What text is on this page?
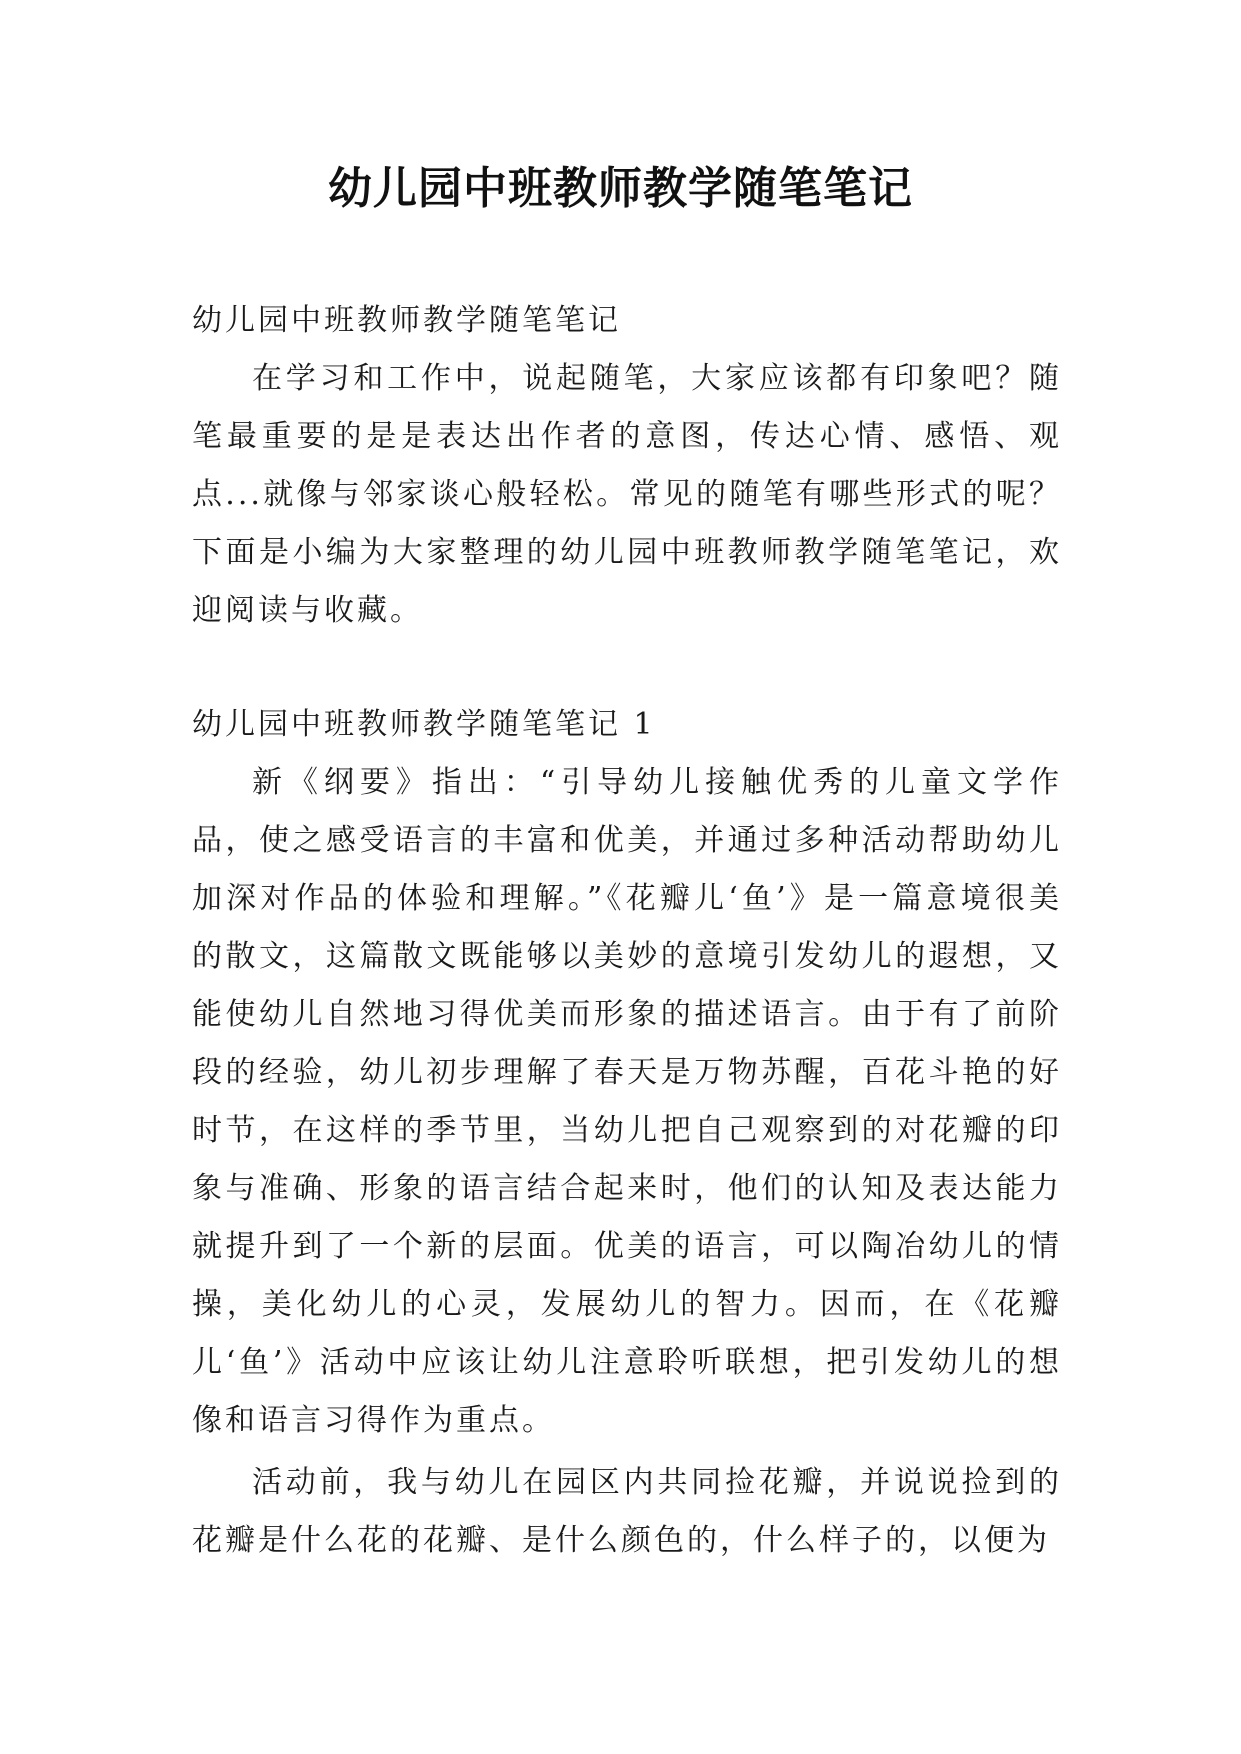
幼儿园中班教师教学随笔笔记

幼儿园中班教师教学随笔笔记

在学习和工作中，说起随笔，大家应该都有印象吧？随笔最重要的是是表达出作者的意图，传达心情、感悟、观点...就像与邻家谈心般轻松。常见的随笔有哪些形式的呢？下面是小编为大家整理的幼儿园中班教师教学随笔笔记，欢迎阅读与收藏。

幼儿园中班教师教学随笔笔记 1

新《纲要》指出：“引导幼儿接触优秀的儿童文学作品，使之感受语言的丰富和优美，并通过多种活动帮助幼儿加深对作品的体验和理解。”《花瓣儿‘鱼’》是一篇意境很美的散文，这篇散文既能够以美妙的意境引发幼儿的遐想，又能使幼儿自然地习得优美而形象的描述语言。由于有了前阶段的经验，幼儿初步理解了春天是万物苏醒，百花斗艳的好时节，在这样的季节里，当幼儿把自己观察到的对花瓣的印象与准确、形象的语言结合起来时，他们的认知及表达能力就提升到了一个新的层面。优美的语言，可以陶冶幼儿的情操，美化幼儿的心灵，发展幼儿的智力。因而，在《花瓣儿‘鱼’》活动中应该让幼儿注意聆听联想，把引发幼儿的想像和语言习得作为重点。

活动前，我与幼儿在园区内共同捡花瓣，并说说捡到的花瓣是什么花的花瓣、是什么颜色的，什么样子的，以便为
